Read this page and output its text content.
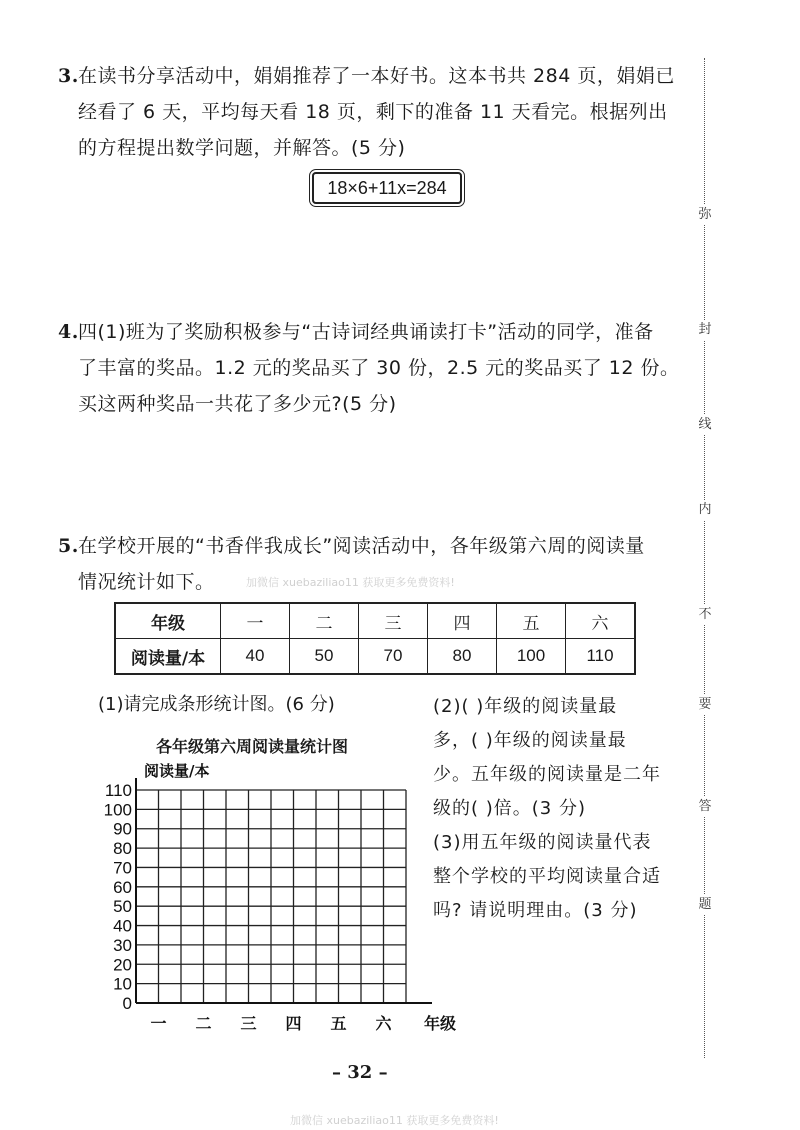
3. 在读书分享活动中，娟娟推荐了一本好书。这本书共 284 页，娟娟已
经看了 6 天，平均每天看 18 页，剩下的准备 11 天看完。根据列出
的方程提出数学问题，并解答。(5 分)
18×6+11x=284
4. 四(1)班为了奖励积极参与“古诗词经典诵读打卡”活动的同学，准备
了丰富的奖品。1.2 元的奖品买了 30 份，2.5 元的奖品买了 12 份。
买这两种奖品一共花了多少元?(5 分)
5. 在学校开展的“书香伴我成长”阅读活动中，各年级第六周的阅读量
情况统计如下。	加微信 xuebaziliao11 获取更多免费资料!
年级	一	二	三	四	五	六
阅读量/本	40	50	70	80	100	110
(1)请完成条形统计图。(6 分)	(2)( )年级的阅读量最
多，( )年级的阅读量最
少。五年级的阅读量是二年
级的( )倍。(3 分)
(3)用五年级的阅读量代表
整个学校的平均阅读量合适
吗? 请说明理由。(3 分)
各年级第六周阅读量统计图
0
10
20
30
40
50
60
70
80
90
100
110
阅读量/本
一 二 三 四 五 六 年级
弥
封
线
内
不
要
答
题
– 32 –
加微信 xuebaziliao11 获取更多免费资料!
